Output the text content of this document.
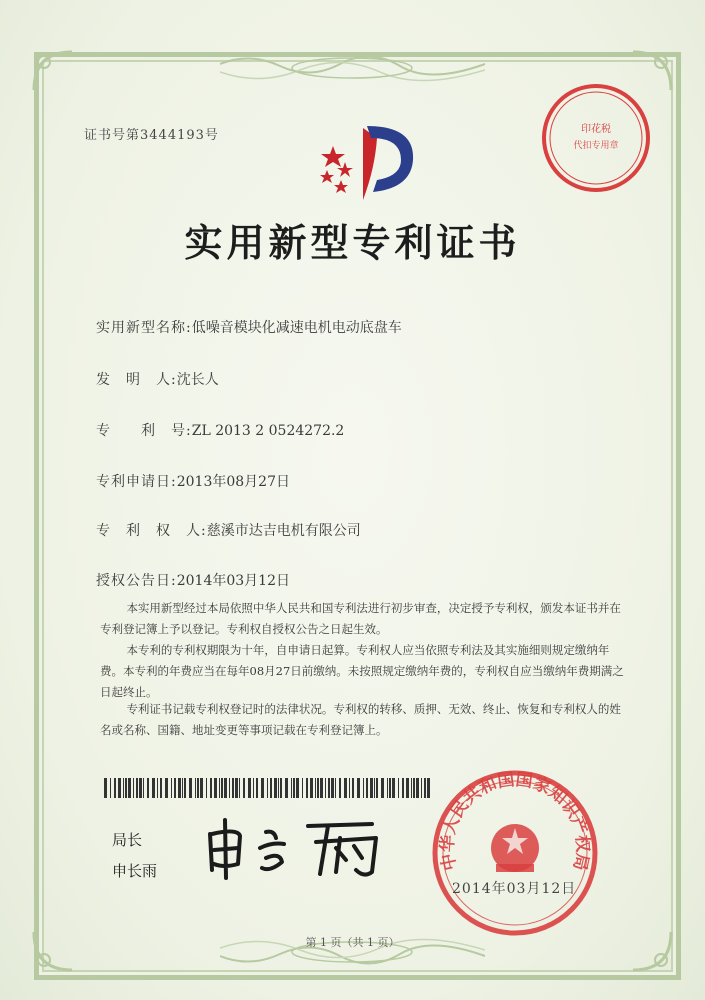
证书号第3444193号
实用新型专利证书
印花税
代扣专用章
实用新型名称:低噪音模块化减速电机电动底盘车
发　明　人:沈长人
专　　利　号:ZL 2013 2 0524272.2
专利申请日:2013年08月27日
专　利　权　人:慈溪市达吉电机有限公司
授权公告日:2014年03月12日
本实用新型经过本局依照中华人民共和国专利法进行初步审查，决定授予专利权，颁发本证书并在专利登记簿上予以登记。专利权自授权公告之日起生效。
本专利的专利权期限为十年，自申请日起算。专利权人应当依照专利法及其实施细则规定缴纳年费。本专利的年费应当在每年08月27日前缴纳。未按照规定缴纳年费的，专利权自应当缴纳年费期满之日起终止。
专利证书记载专利权登记时的法律状况。专利权的转移、质押、无效、终止、恢复和专利权人的姓名或名称、国籍、地址变更等事项记载在专利登记簿上。
局长
申长雨	中华人民共和国国家知识产权局
2014年03月12日
第 1 页（共 1 页）
